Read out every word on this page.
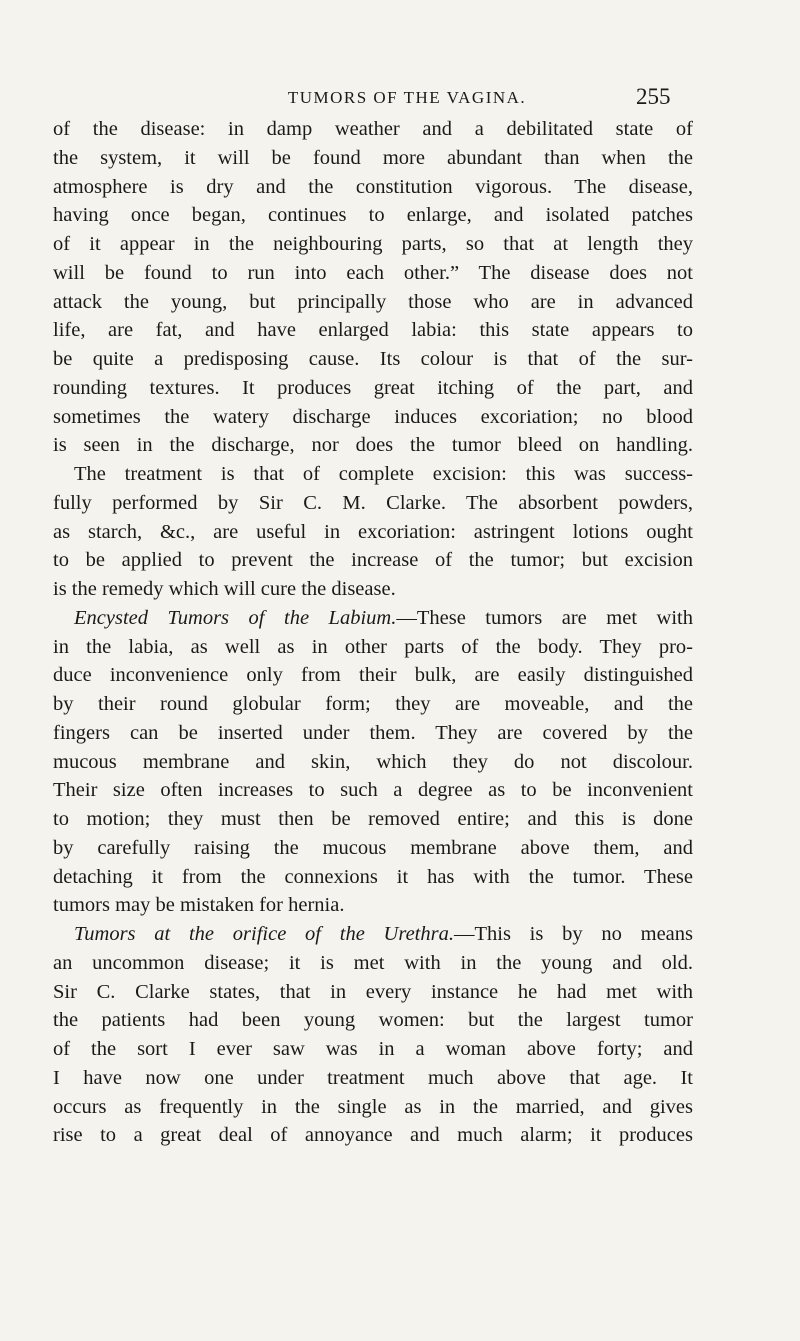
TUMORS OF THE VAGINA.	255
of the disease: in damp weather and a debilitated state of
the system, it will be found more abundant than when the
atmosphere is dry and the constitution vigorous. The disease,
having once began, continues to enlarge, and isolated patches
of it appear in the neighbouring parts, so that at length they
will be found to run into each other.” The disease does not
attack the young, but principally those who are in advanced
life, are fat, and have enlarged labia: this state appears to
be quite a predisposing cause. Its colour is that of the sur-
rounding textures. It produces great itching of the part, and
sometimes the watery discharge induces excoriation; no blood
is seen in the discharge, nor does the tumor bleed on handling.
The treatment is that of complete excision: this was success-
fully performed by Sir C. M. Clarke. The absorbent powders,
as starch, &c., are useful in excoriation: astringent lotions ought
to be applied to prevent the increase of the tumor; but excision
is the remedy which will cure the disease.
Encysted Tumors of the Labium.—These tumors are met with
in the labia, as well as in other parts of the body. They pro-
duce inconvenience only from their bulk, are easily distinguished
by their round globular form; they are moveable, and the
fingers can be inserted under them. They are covered by the
mucous membrane and skin, which they do not discolour.
Their size often increases to such a degree as to be inconvenient
to motion; they must then be removed entire; and this is done
by carefully raising the mucous membrane above them, and
detaching it from the connexions it has with the tumor. These
tumors may be mistaken for hernia.
Tumors at the orifice of the Urethra.—This is by no means
an uncommon disease; it is met with in the young and old.
Sir C. Clarke states, that in every instance he had met with
the patients had been young women: but the largest tumor
of the sort I ever saw was in a woman above forty; and
I have now one under treatment much above that age. It
occurs as frequently in the single as in the married, and gives
rise to a great deal of annoyance and much alarm; it produces
